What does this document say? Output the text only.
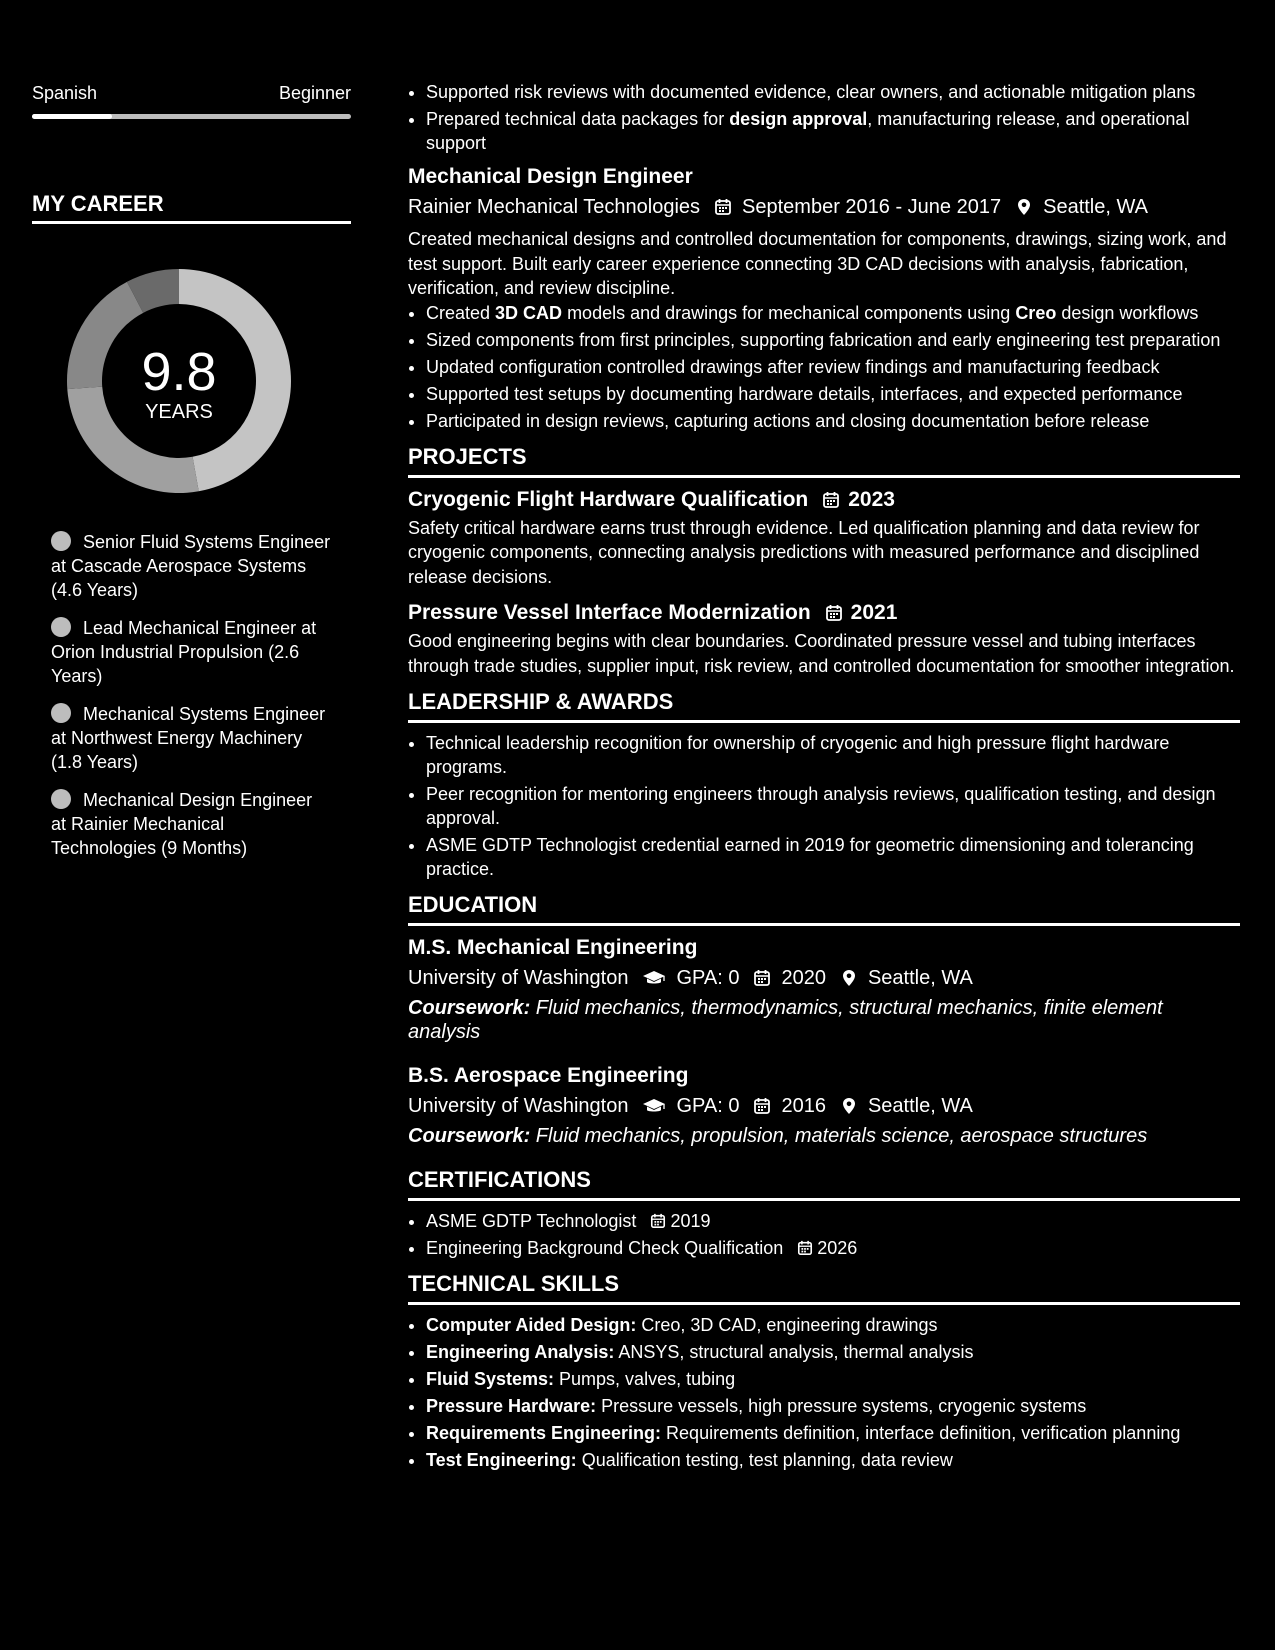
Spanish	Beginner
MY CAREER
9.8
YEARS
Senior Fluid Systems Engineer at Cascade Aerospace Systems (4.6 Years)
Lead Mechanical Engineer at Orion Industrial Propulsion (2.6 Years)
Mechanical Systems Engineer at Northwest Energy Machinery (1.8 Years)
Mechanical Design Engineer at Rainier Mechanical Technologies (9 Months)
• Supported risk reviews with documented evidence, clear owners, and actionable mitigation plans
• Prepared technical data packages for design approval, manufacturing release, and operational support
Mechanical Design Engineer
Rainier Mechanical Technologies September 2016 - June 2017 Seattle, WA
Created mechanical designs and controlled documentation for components, drawings, sizing work, and test support. Built early career experience connecting 3D CAD decisions with analysis, fabrication, verification, and review discipline.
• Created 3D CAD models and drawings for mechanical components using Creo design workflows
• Sized components from first principles, supporting fabrication and early engineering test preparation
• Updated configuration controlled drawings after review findings and manufacturing feedback
• Supported test setups by documenting hardware details, interfaces, and expected performance
• Participated in design reviews, capturing actions and closing documentation before release
PROJECTS
Cryogenic Flight Hardware Qualification 2023
Safety critical hardware earns trust through evidence. Led qualification planning and data review for cryogenic components, connecting analysis predictions with measured performance and disciplined release decisions.
Pressure Vessel Interface Modernization 2021
Good engineering begins with clear boundaries. Coordinated pressure vessel and tubing interfaces through trade studies, supplier input, risk review, and controlled documentation for smoother integration.
LEADERSHIP & AWARDS
• Technical leadership recognition for ownership of cryogenic and high pressure flight hardware programs.
• Peer recognition for mentoring engineers through analysis reviews, qualification testing, and design approval.
• ASME GDTP Technologist credential earned in 2019 for geometric dimensioning and tolerancing practice.
EDUCATION
M.S. Mechanical Engineering
University of Washington GPA: 0 2020 Seattle, WA
Coursework: Fluid mechanics, thermodynamics, structural mechanics, finite element analysis
B.S. Aerospace Engineering
University of Washington GPA: 0 2016 Seattle, WA
Coursework: Fluid mechanics, propulsion, materials science, aerospace structures
CERTIFICATIONS
• ASME GDTP Technologist 2019
• Engineering Background Check Qualification 2026
TECHNICAL SKILLS
• Computer Aided Design: Creo, 3D CAD, engineering drawings
• Engineering Analysis: ANSYS, structural analysis, thermal analysis
• Fluid Systems: Pumps, valves, tubing
• Pressure Hardware: Pressure vessels, high pressure systems, cryogenic systems
• Requirements Engineering: Requirements definition, interface definition, verification planning
• Test Engineering: Qualification testing, test planning, data review
